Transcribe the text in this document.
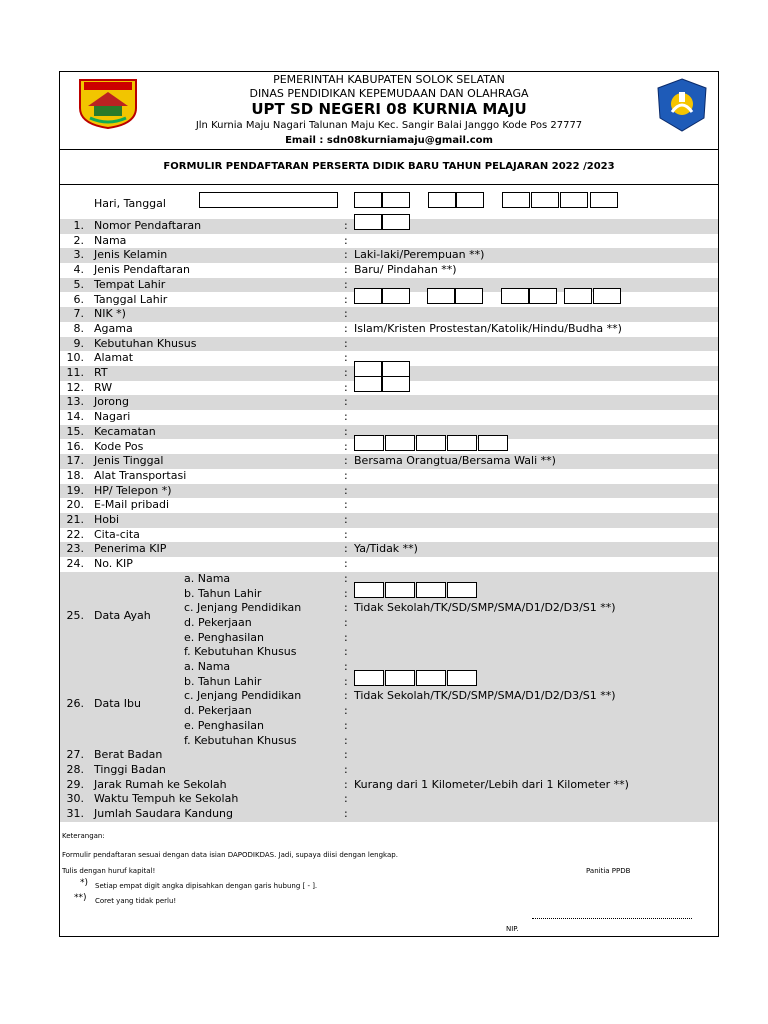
PEMERINTAH KABUPATEN SOLOK SELATAN
DINAS PENDIDIKAN KEPEMUDAAN DAN OLAHRAGA
UPT SD NEGERI 08 KURNIA MAJU
Jln Kurnia Maju Nagari Talunan Maju Kec. Sangir Balai Janggo Kode Pos 27777
Email : sdn08kurniamaju@gmail.com
FORMULIR PENDAFTARAN PERSERTA DIDIK BARU TAHUN PELAJARAN 2022 /2023
Hari, Tanggal
1. Nomor Pendaftaran	:
2. Nama	:
3. Jenis Kelamin	: Laki-laki/Perempuan **)
4. Jenis Pendaftaran	: Baru/ Pindahan **)
5. Tempat Lahir	:
6. Tanggal Lahir	:
7. NIK *)	:
8. Agama	: Islam/Kristen Prostestan/Katolik/Hindu/Budha **)
9. Kebutuhan Khusus	:
10. Alamat	:
11. RT	:
12. RW	:
13. Jorong	:
14. Nagari	:
15. Kecamatan	:
16. Kode Pos	:
17. Jenis Tinggal	: Bersama Orangtua/Bersama Wali **)
18. Alat Transportasi	:
19. HP/ Telepon *)	:
20. E-Mail pribadi	:
21. Hobi	:
22. Cita-cita	:
23. Penerima KIP	: Ya/Tidak **)
24. No. KIP	:
25. Data Ayah
a. Nama	:
b. Tahun Lahir	:
c. Jenjang Pendidikan	: Tidak Sekolah/TK/SD/SMP/SMA/D1/D2/D3/S1 **)
d. Pekerjaan	:
e. Penghasilan	:
f. Kebutuhan Khusus	:
26. Data Ibu
a. Nama	:
b. Tahun Lahir	:
c. Jenjang Pendidikan	: Tidak Sekolah/TK/SD/SMP/SMA/D1/D2/D3/S1 **)
d. Pekerjaan	:
e. Penghasilan	:
f. Kebutuhan Khusus	:
27. Berat Badan	:
28. Tinggi Badan	:
29. Jarak Rumah ke Sekolah	: Kurang dari 1 Kilometer/Lebih dari 1 Kilometer **)
30. Waktu Tempuh ke Sekolah	:
31. Jumlah Saudara Kandung	:
Keterangan:
Formulir pendaftaran sesuai dengan data isian DAPODIKDAS. Jadi, supaya diisi dengan lengkap.
Tulis dengan huruf kapital!
*) Setiap empat digit angka dipisahkan dengan garis hubung [ - ].
**) Coret yang tidak perlu!
Panitia PPDB
NIP.
